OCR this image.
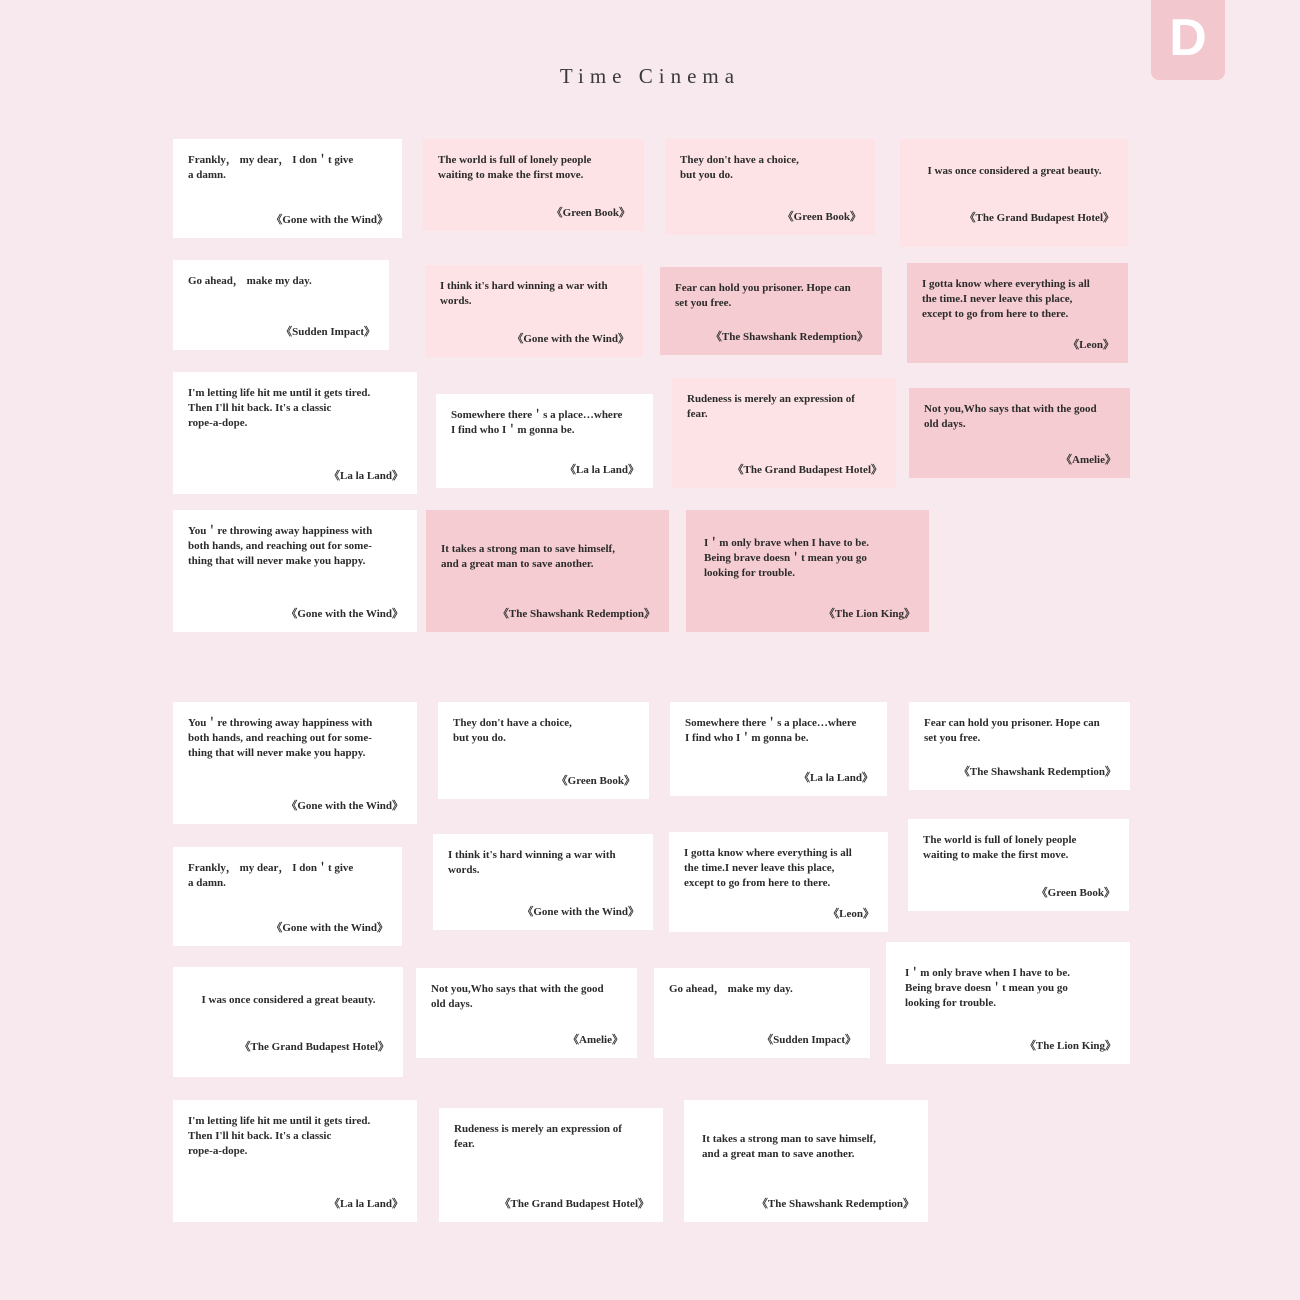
D
Time Cinema
Frankly， my dear， I don＇t give
a damn.
《Gone with the Wind》
The world is full of lonely people
waiting to make the first move.
《Green Book》
They don't have a choice,
but you do.
《Green Book》
I was once considered a great beauty.
《The Grand Budapest Hotel》
Go ahead， make my day.
《Sudden Impact》
I think it's hard winning a war with
words.
《Gone with the Wind》
Fear can hold you prisoner. Hope can
set you free.
《The Shawshank Redemption》
I gotta know where everything is all
the time.I never leave this place,
except to go from here to there.
《Leon》
I'm letting life hit me until it gets tired.
Then I'll hit back. It's a classic
rope-a-dope.
《La la Land》
Somewhere there＇s a place…where
I find who I＇m gonna be.
《La la Land》
Rudeness is merely an expression of
fear.
《The Grand Budapest Hotel》
Not you,Who says that with the good
old days.
《Amelie》
You＇re throwing away happiness with
both hands, and reaching out for some-
thing that will never make you happy.
《Gone with the Wind》
It takes a strong man to save himself,
and a great man to save another.
《The Shawshank Redemption》
I＇m only brave when I have to be.
Being brave doesn＇t mean you go
looking for trouble.
《The Lion King》
You＇re throwing away happiness with
both hands, and reaching out for some-
thing that will never make you happy.
《Gone with the Wind》
They don't have a choice,
but you do.
《Green Book》
Somewhere there＇s a place…where
I find who I＇m gonna be.
《La la Land》
Fear can hold you prisoner. Hope can
set you free.
《The Shawshank Redemption》
Frankly， my dear， I don＇t give
a damn.
《Gone with the Wind》
I think it's hard winning a war with
words.
《Gone with the Wind》
I gotta know where everything is all
the time.I never leave this place,
except to go from here to there.
《Leon》
The world is full of lonely people
waiting to make the first move.
《Green Book》
I was once considered a great beauty.
《The Grand Budapest Hotel》
Not you,Who says that with the good
old days.
《Amelie》
Go ahead， make my day.
《Sudden Impact》
I＇m only brave when I have to be.
Being brave doesn＇t mean you go
looking for trouble.
《The Lion King》
I'm letting life hit me until it gets tired.
Then I'll hit back. It's a classic
rope-a-dope.
《La la Land》
Rudeness is merely an expression of
fear.
《The Grand Budapest Hotel》
It takes a strong man to save himself,
and a great man to save another.
《The Shawshank Redemption》
